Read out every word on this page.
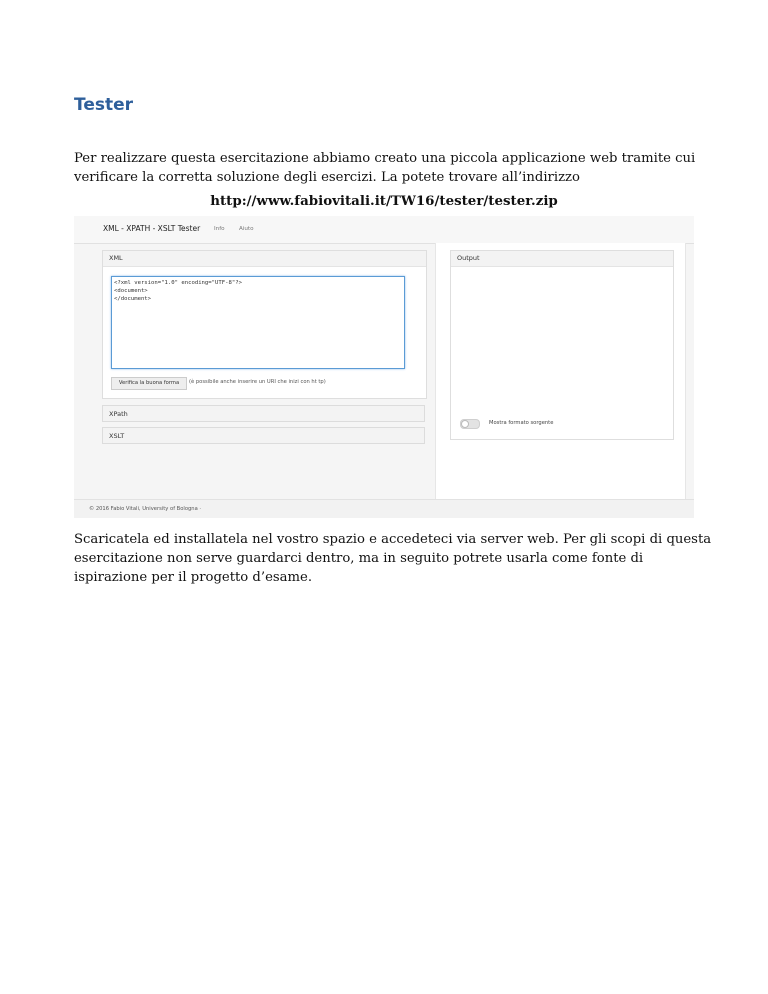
Tester

Per realizzare questa esercitazione abbiamo creato una piccola applicazione web tramite cui verificare la corretta soluzione degli esercizi. La potete trovare all’indirizzo

http://www.fabiovitali.it/TW16/tester/tester.zip

XML - XPATH - XSLT Tester Info	Aiuto
XML
<?xml version="1.0" encoding="UTF-8"?>
<document>
</document>
Verifica la buona forma	(è possibile anche inserire un URI che inizi con ht tp)
XPath
XSLT
Output
Mostra formato sorgente
© 2016 Fabio Vitali, University of Bologna ·

Scaricatela ed installatela nel vostro spazio e accedeteci via server web. Per gli scopi di questa esercitazione non serve guardarci dentro, ma in seguito potrete usarla come fonte di ispirazione per il progetto d’esame.
